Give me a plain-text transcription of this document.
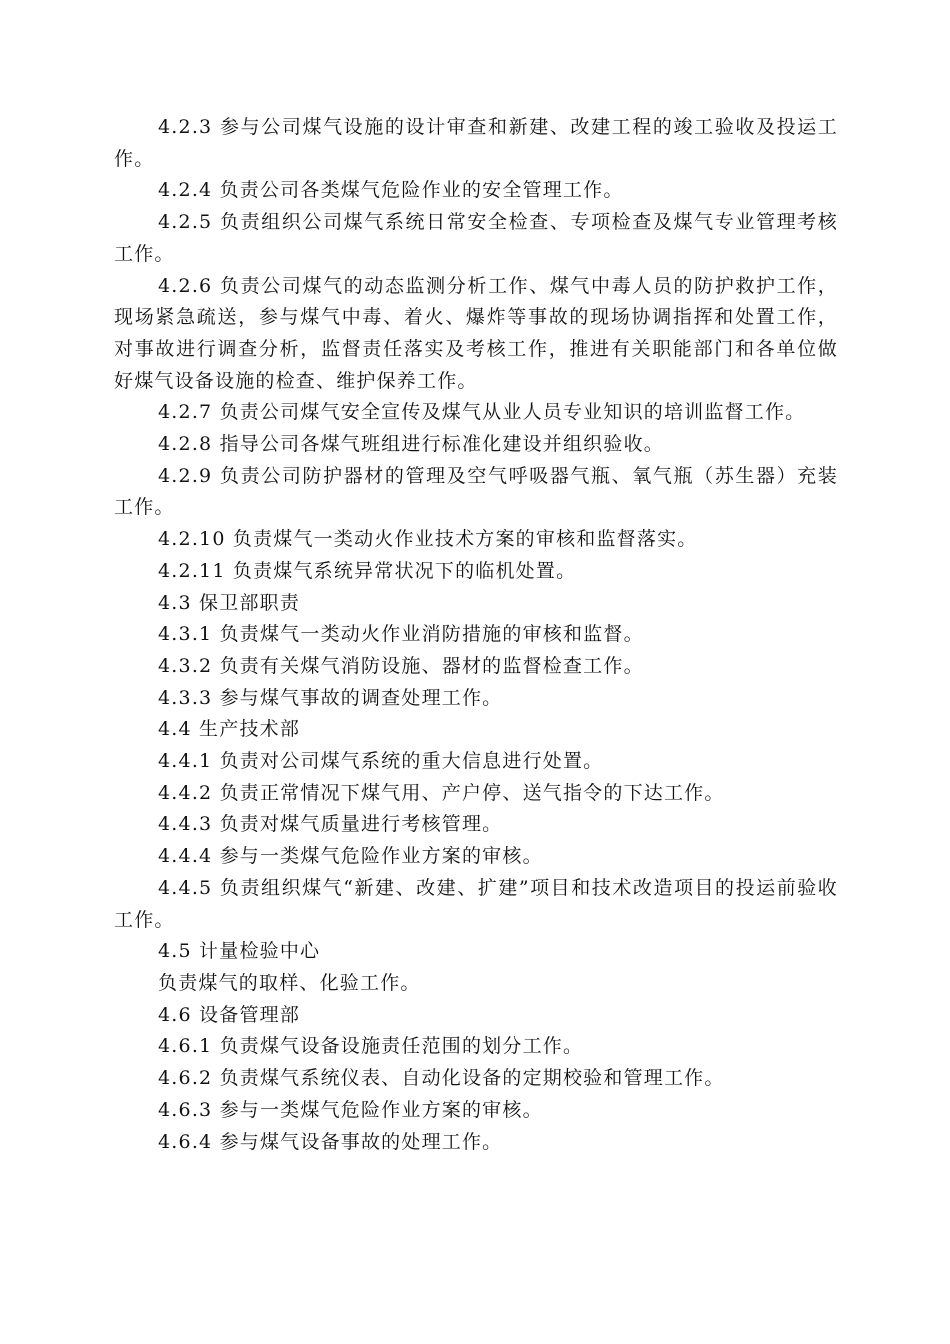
4.2.3 参与公司煤气设施的设计审查和新建、改建工程的竣工验收及投运工作。

4.2.4 负责公司各类煤气危险作业的安全管理工作。

4.2.5 负责组织公司煤气系统日常安全检查、专项检查及煤气专业管理考核工作。

4.2.6 负责公司煤气的动态监测分析工作、煤气中毒人员的防护救护工作，现场紧急疏送，参与煤气中毒、着火、爆炸等事故的现场协调指挥和处置工作，对事故进行调查分析，监督责任落实及考核工作，推进有关职能部门和各单位做好煤气设备设施的检查、维护保养工作。

4.2.7 负责公司煤气安全宣传及煤气从业人员专业知识的培训监督工作。

4.2.8 指导公司各煤气班组进行标准化建设并组织验收。

4.2.9 负责公司防护器材的管理及空气呼吸器气瓶、氧气瓶（苏生器）充装工作。

4.2.10 负责煤气一类动火作业技术方案的审核和监督落实。

4.2.11 负责煤气系统异常状况下的临机处置。

4.3 保卫部职责

4.3.1 负责煤气一类动火作业消防措施的审核和监督。

4.3.2 负责有关煤气消防设施、器材的监督检查工作。

4.3.3 参与煤气事故的调查处理工作。

4.4 生产技术部

4.4.1 负责对公司煤气系统的重大信息进行处置。

4.4.2 负责正常情况下煤气用、产户停、送气指令的下达工作。

4.4.3 负责对煤气质量进行考核管理。

4.4.4 参与一类煤气危险作业方案的审核。

4.4.5 负责组织煤气“新建、改建、扩建”项目和技术改造项目的投运前验收工作。

4.5 计量检验中心

负责煤气的取样、化验工作。

4.6 设备管理部

4.6.1 负责煤气设备设施责任范围的划分工作。

4.6.2 负责煤气系统仪表、自动化设备的定期校验和管理工作。

4.6.3 参与一类煤气危险作业方案的审核。

4.6.4 参与煤气设备事故的处理工作。
